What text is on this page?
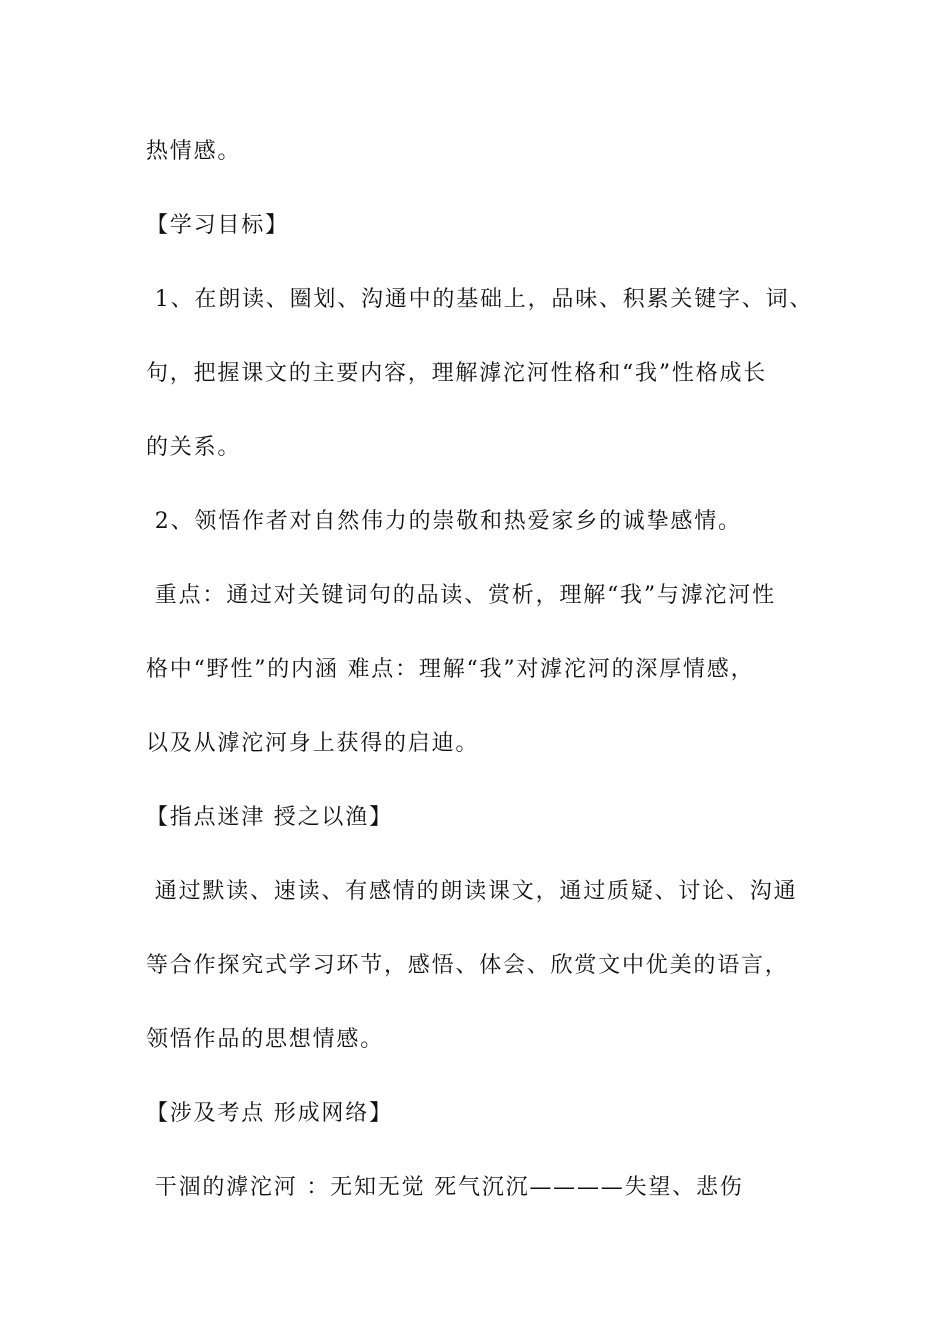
热情感。
【学习目标】
1、在朗读、圈划、沟通中的基础上，品味、积累关键字、词、
句，把握课文的主要内容，理解滹沱河性格和“我”性格成长
的关系。
2、领悟作者对自然伟力的崇敬和热爱家乡的诚挚感情。
重点：通过对关键词句的品读、赏析，理解“我”与滹沱河性
格中“野性”的内涵 难点：理解“我”对滹沱河的深厚情感，
以及从滹沱河身上获得的启迪。
【指点迷津 授之以渔】
通过默读、速读、有感情的朗读课文，通过质疑、讨论、沟通
等合作探究式学习环节，感悟、体会、欣赏文中优美的语言，
领悟作品的思想情感。
【涉及考点 形成网络】
干涸的滹沱河 ：无知无觉 死气沉沉————失望、悲伤
